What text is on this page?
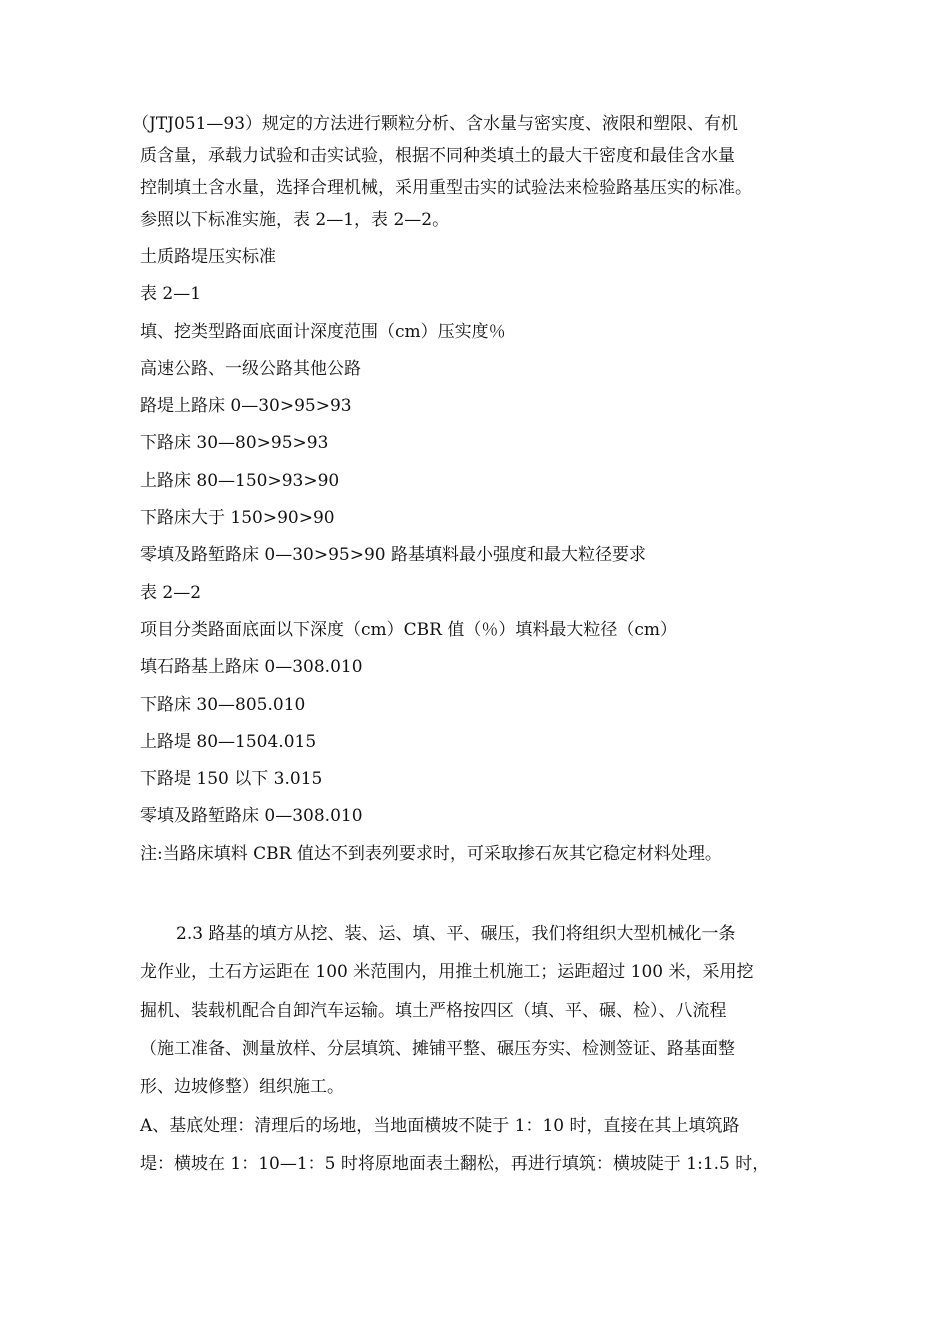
（JTJ051—93）规定的方法进行颗粒分析、含水量与密实度、液限和塑限、有机

质含量，承载力试验和击实试验，根据不同种类填土的最大干密度和最佳含水量

控制填土含水量，选择合理机械，采用重型击实的试验法来检验路基压实的标准。

参照以下标准实施，表 2—1，表 2—2。

土质路堤压实标准

表 2—1

填、挖类型路面底面计深度范围（cm）压实度％

高速公路、一级公路其他公路

路堤上路床 0—30>95>93

下路床 30—80>95>93

上路床 80—150>93>90

下路床大于 150>90>90

零填及路堑路床 0—30>95>90 路基填料最小强度和最大粒径要求

表 2—2

项目分类路面底面以下深度（cm）CBR 值（％）填料最大粒径（cm）

填石路基上路床 0—308.010

下路床 30—805.010

上路堤 80—1504.015

下路堤 150 以下 3.015

零填及路堑路床 0—308.010

注:当路床填料 CBR 值达不到表列要求时，可采取掺石灰其它稳定材料处理。

2.3 路基的填方从挖、装、运、填、平、碾压，我们将组织大型机械化一条

龙作业，土石方运距在 100 米范围内，用推土机施工；运距超过 100 米，采用挖

掘机、装载机配合自卸汽车运输。填土严格按四区（填、平、碾、检）、八流程

（施工准备、测量放样、分层填筑、摊铺平整、碾压夯实、检测签证、路基面整

形、边坡修整）组织施工。

A、基底处理：清理后的场地，当地面横坡不陡于 1：10 时，直接在其上填筑路

堤：横坡在 1：10—1：5 时将原地面表土翻松，再进行填筑：横坡陡于 1:1.5 时，
